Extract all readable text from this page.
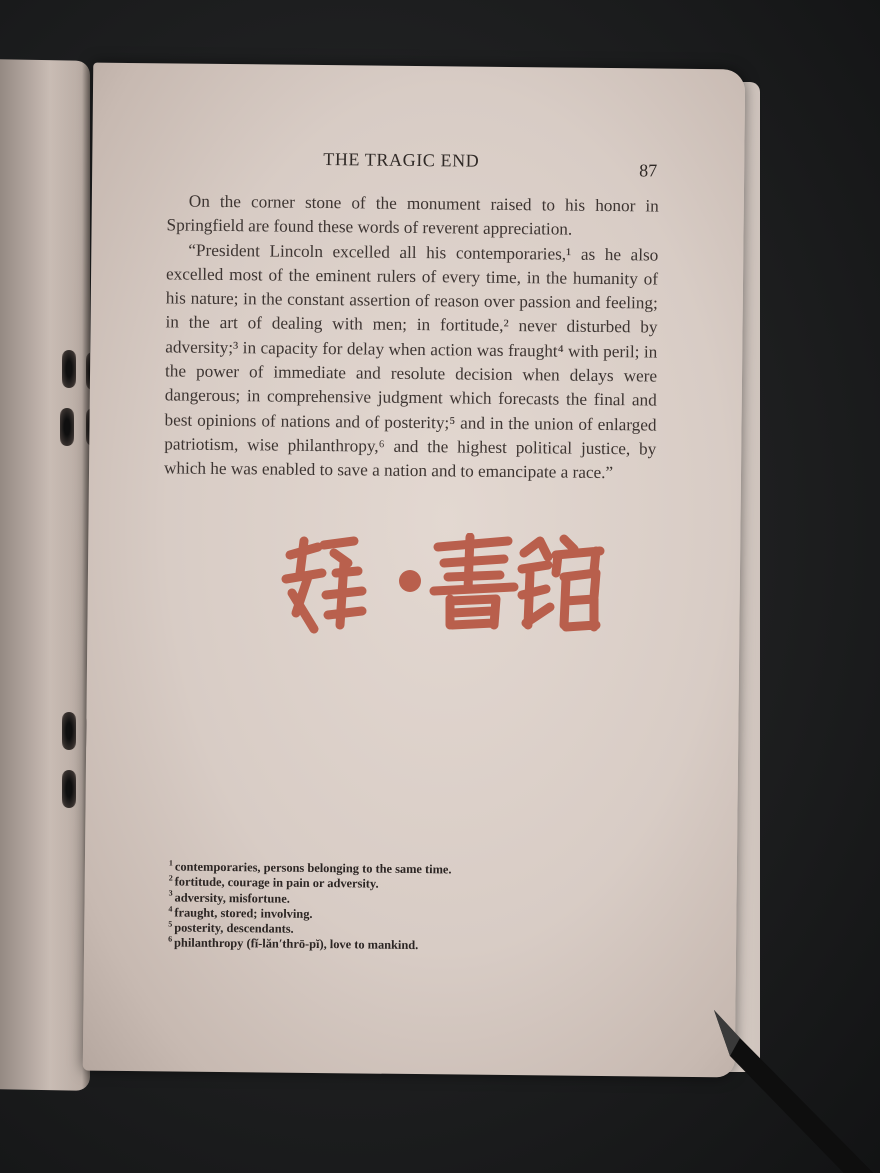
THE TRAGIC END	87

On the corner stone of the monument raised to his honor in Springfield are found these words of reverent appreciation.

“President Lincoln excelled all his contemporaries,¹ as he also excelled most of the eminent rulers of every time, in the humanity of his nature; in the constant assertion of reason over passion and feeling; in the art of dealing with men; in fortitude,² never disturbed by adversity;³ in capacity for delay when action was fraught⁴ with peril; in the power of immediate and resolute decision when delays were dangerous; in comprehensive judgment which forecasts the final and best opinions of nations and of posterity;⁵ and in the union of enlarged patriotism, wise philanthropy,⁶ and the highest political justice, by which he was enabled to save a nation and to emancipate a race.”

$^1$ contemporaries, persons belonging to the same time.
$^2$ fortitude, courage in pain or adversity.
$^3$ adversity, misfortune.
$^4$ fraught, stored; involving.
$^5$ posterity, descendants.
$^6$ philanthropy (fĭ-lăn′thrō-pĭ), love to mankind.
